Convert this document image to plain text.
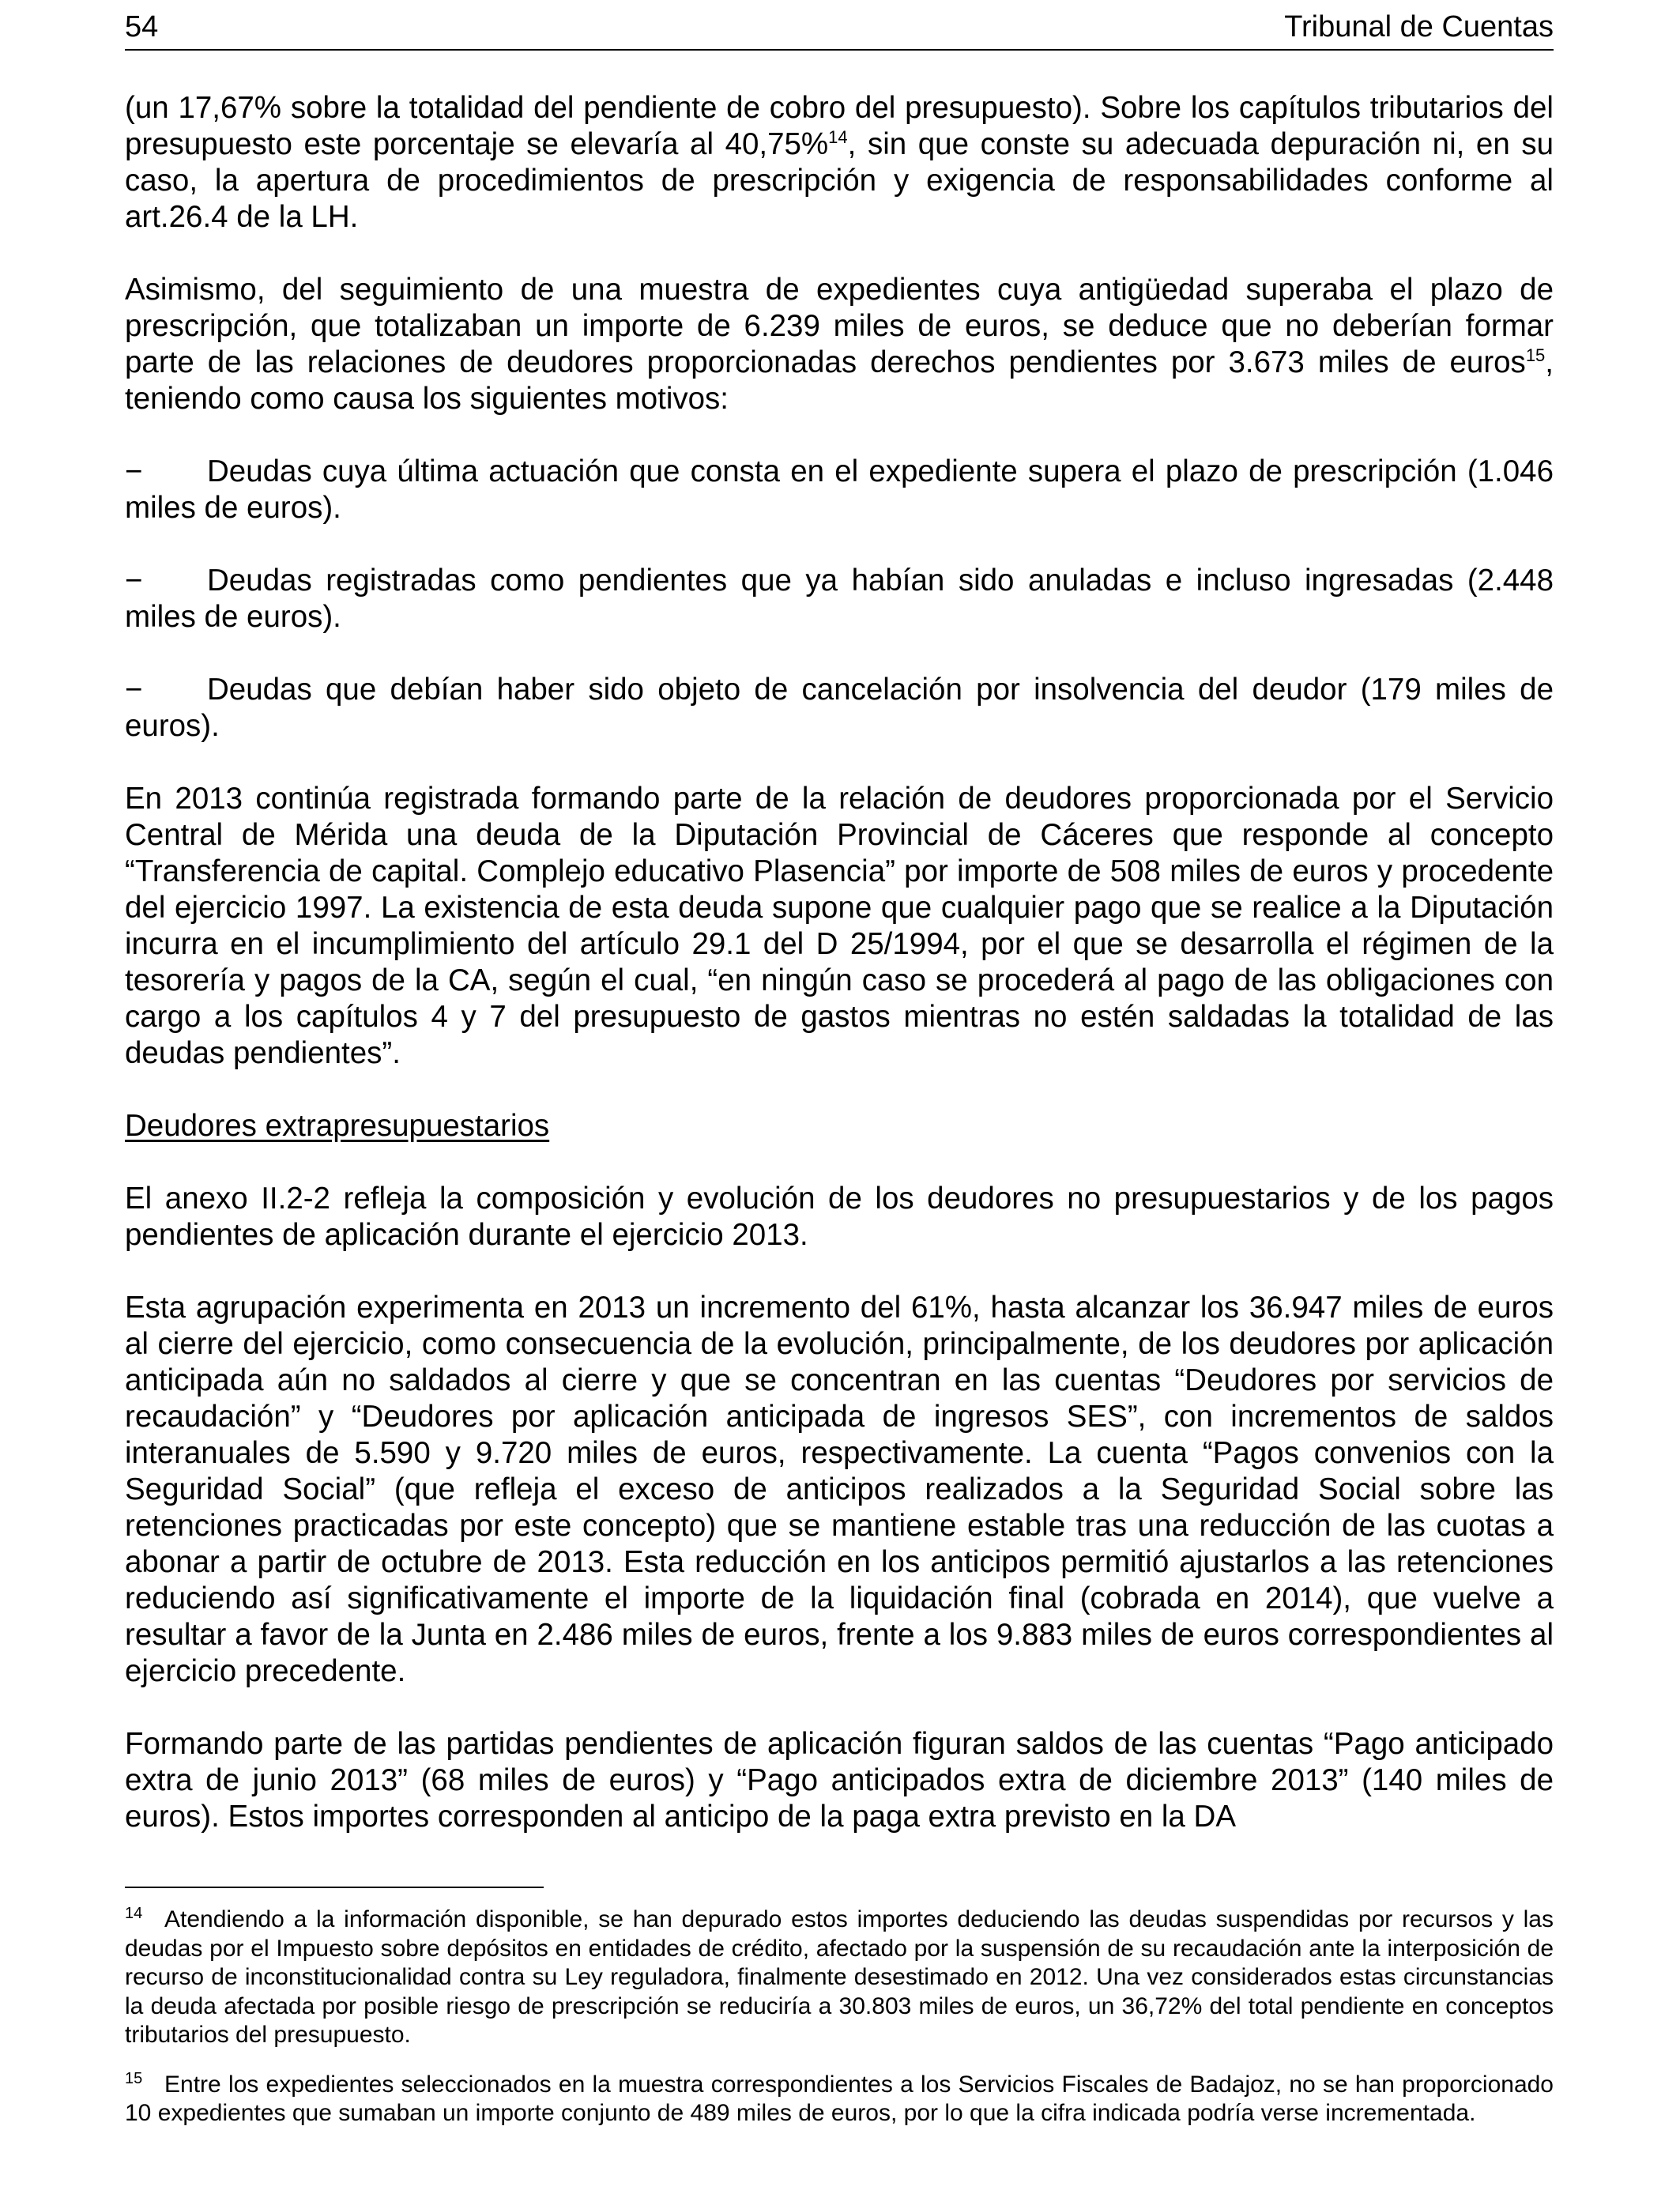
54	Tribunal de Cuentas

(un 17,67% sobre la totalidad del pendiente de cobro del presupuesto). Sobre los capítulos tributarios del presupuesto este porcentaje se elevaría al 40,75%$^{14}$, sin que conste su adecuada depuración ni, en su caso, la apertura de procedimientos de prescripción y exigencia de responsabilidades conforme al art.26.4 de la LH.

Asimismo, del seguimiento de una muestra de expedientes cuya antigüedad superaba el plazo de prescripción, que totalizaban un importe de 6.239 miles de euros, se deduce que no deberían formar parte de las relaciones de deudores proporcionadas derechos pendientes por 3.673 miles de euros$^{15}$, teniendo como causa los siguientes motivos:

− Deudas cuya última actuación que consta en el expediente supera el plazo de prescripción (1.046 miles de euros).

− Deudas registradas como pendientes que ya habían sido anuladas e incluso ingresadas (2.448 miles de euros).

− Deudas que debían haber sido objeto de cancelación por insolvencia del deudor (179 miles de euros).

En 2013 continúa registrada formando parte de la relación de deudores proporcionada por el Servicio Central de Mérida una deuda de la Diputación Provincial de Cáceres que responde al concepto “Transferencia de capital. Complejo educativo Plasencia” por importe de 508 miles de euros y procedente del ejercicio 1997. La existencia de esta deuda supone que cualquier pago que se realice a la Diputación incurra en el incumplimiento del artículo 29.1 del D 25/1994, por el que se desarrolla el régimen de la tesorería y pagos de la CA, según el cual, “en ningún caso se procederá al pago de las obligaciones con cargo a los capítulos 4 y 7 del presupuesto de gastos mientras no estén saldadas la totalidad de las deudas pendientes”.

Deudores extrapresupuestarios

El anexo II.2-2 refleja la composición y evolución de los deudores no presupuestarios y de los pagos pendientes de aplicación durante el ejercicio 2013.

Esta agrupación experimenta en 2013 un incremento del 61%, hasta alcanzar los 36.947 miles de euros al cierre del ejercicio, como consecuencia de la evolución, principalmente, de los deudores por aplicación anticipada aún no saldados al cierre y que se concentran en las cuentas “Deudores por servicios de recaudación” y “Deudores por aplicación anticipada de ingresos SES”, con incrementos de saldos interanuales de 5.590 y 9.720 miles de euros, respectivamente. La cuenta “Pagos convenios con la Seguridad Social” (que refleja el exceso de anticipos realizados a la Seguridad Social sobre las retenciones practicadas por este concepto) que se mantiene estable tras una reducción de las cuotas a abonar a partir de octubre de 2013. Esta reducción en los anticipos permitió ajustarlos a las retenciones reduciendo así significativamente el importe de la liquidación final (cobrada en 2014), que vuelve a resultar a favor de la Junta en 2.486 miles de euros, frente a los 9.883 miles de euros correspondientes al ejercicio precedente.

Formando parte de las partidas pendientes de aplicación figuran saldos de las cuentas “Pago anticipado extra de junio 2013” (68 miles de euros) y “Pago anticipados extra de diciembre 2013” (140 miles de euros). Estos importes corresponden al anticipo de la paga extra previsto en la DA

$^{14}$ Atendiendo a la información disponible, se han depurado estos importes deduciendo las deudas suspendidas por recursos y las deudas por el Impuesto sobre depósitos en entidades de crédito, afectado por la suspensión de su recaudación ante la interposición de recurso de inconstitucionalidad contra su Ley reguladora, finalmente desestimado en 2012. Una vez considerados estas circunstancias la deuda afectada por posible riesgo de prescripción se reduciría a 30.803 miles de euros, un 36,72% del total pendiente en conceptos tributarios del presupuesto.

$^{15}$ Entre los expedientes seleccionados en la muestra correspondientes a los Servicios Fiscales de Badajoz, no se han proporcionado 10 expedientes que sumaban un importe conjunto de 489 miles de euros, por lo que la cifra indicada podría verse incrementada.
